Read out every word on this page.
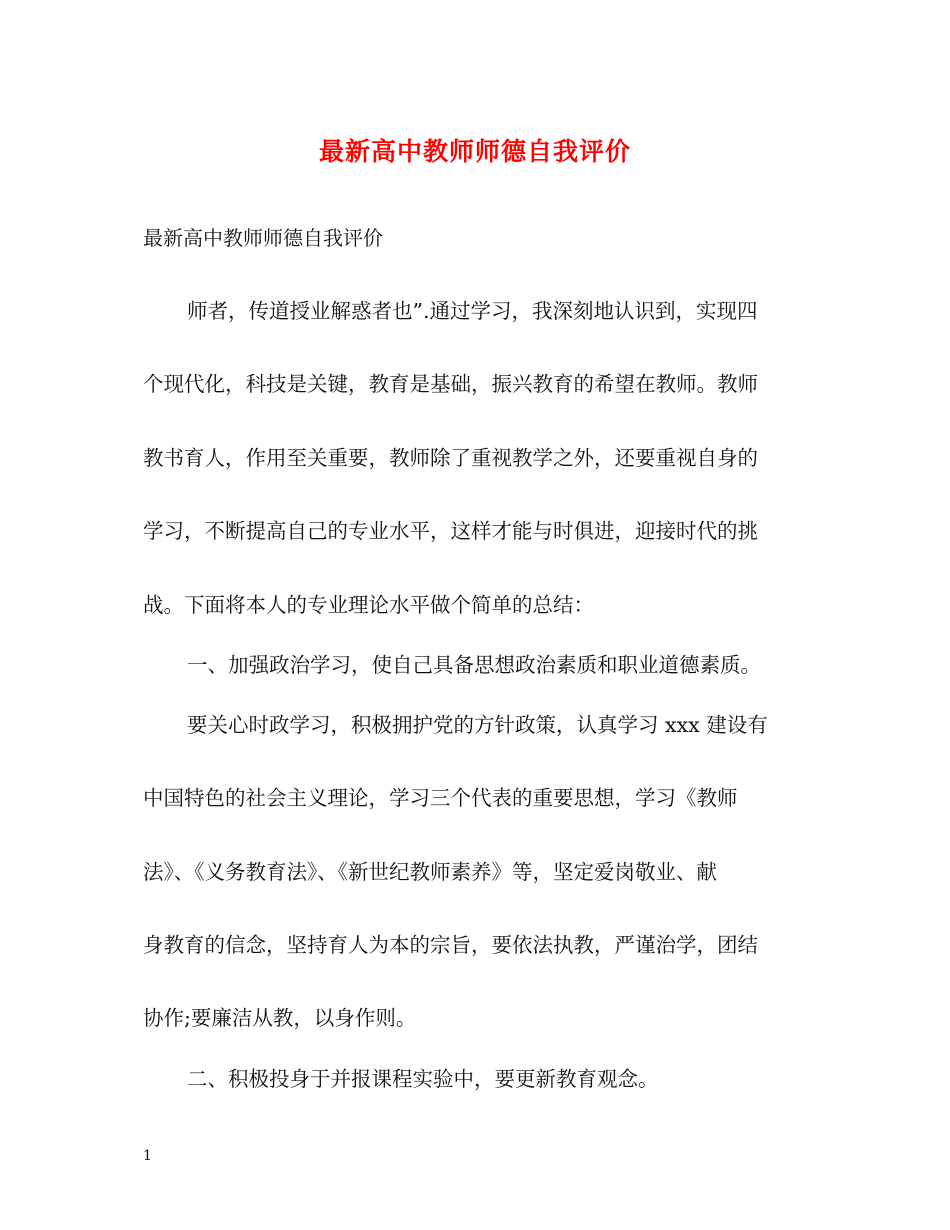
最新高中教师师德自我评价

最新高中教师师德自我评价

师者，传道授业解惑者也”.通过学习，我深刻地认识到，实现四

个现代化，科技是关键，教育是基础，振兴教育的希望在教师。教师

教书育人，作用至关重要，教师除了重视教学之外，还要重视自身的

学习，不断提高自己的专业水平，这样才能与时俱进，迎接时代的挑

战。下面将本人的专业理论水平做个简单的总结：

一、加强政治学习，使自己具备思想政治素质和职业道德素质。

要关心时政学习，积极拥护党的方针政策，认真学习 xxx 建设有

中国特色的社会主义理论，学习三个代表的重要思想，学习《教师

法》、《义务教育法》、《新世纪教师素养》等，坚定爱岗敬业、献

身教育的信念，坚持育人为本的宗旨，要依法执教，严谨治学，团结

协作;要廉洁从教，以身作则。

二、积极投身于并报课程实验中，要更新教育观念。

1
